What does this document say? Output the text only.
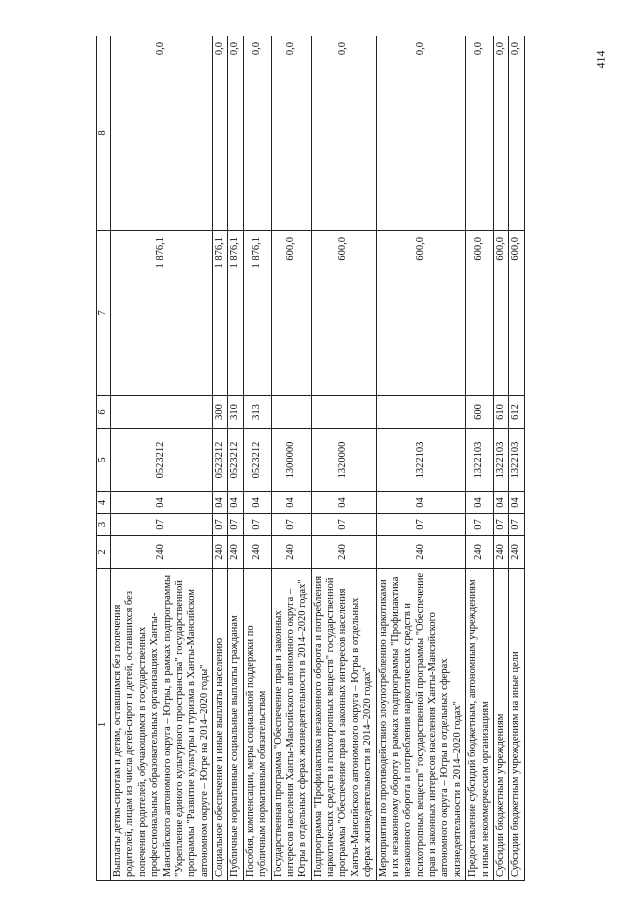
414
1	2	3	4	5	6	7	8
Выплаты детям-сиротам и детям, оставшимся без попечения родителей, лицам из числа детей-сирот и детей, оставшихся без попечения родителей, обучающимся в государственных профессиональных образовательных организациях Ханты-Мансийского автономного округа – Югры, в рамках подпрограммы "Укрепление единого культурного пространства" государственной программы "Развитие культуры и туризма в Ханты-Мансийском автономном округе – Югре на 2014–2020 годы"	240	07	04	0523212		1 876,1	0,0
Социальное обеспечение и иные выплаты населению	240	07	04	0523212	300	1 876,1	0,0
Публичные нормативные социальные выплаты гражданам	240	07	04	0523212	310	1 876,1	0,0
Пособия, компенсации, меры социальной поддержки по публичным нормативным обязательствам	240	07	04	0523212	313	1 876,1	0,0
Государственная программа "Обеспечение прав и законных интересов населения Ханты-Мансийского автономного округа – Югры в отдельных сферах жизнедеятельности в 2014–2020 годах"	240	07	04	1300000		600,0	0,0
Подпрограмма "Профилактика незаконного оборота и потребления наркотических средств и психотропных веществ" государственной программы "Обеспечение прав и законных интересов населения Ханты-Мансийского автономного округа – Югры в отдельных сферах жизнедеятельности в 2014–2020 годах"	240	07	04	1320000		600,0	0,0
Мероприятия по противодействию злоупотреблению наркотиками и их незаконному обороту в рамках подпрограммы "Профилактика незаконного оборота и потребления наркотических средств и психотропных веществ" государственной программы "Обеспечение прав и законных интересов населения Ханты-Мансийского автономного округа – Югры в отдельных сферах жизнедеятельности в 2014–2020 годах"	240	07	04	1322103		600,0	0,0
Предоставление субсидий бюджетным, автономным учреждениям и иным некоммерческим организациям	240	07	04	1322103	600	600,0	0,0
Субсидии бюджетным учреждениям	240	07	04	1322103	610	600,0	0,0
Субсидии бюджетным учреждениям на иные цели	240	07	04	1322103	612	600,0	0,0
